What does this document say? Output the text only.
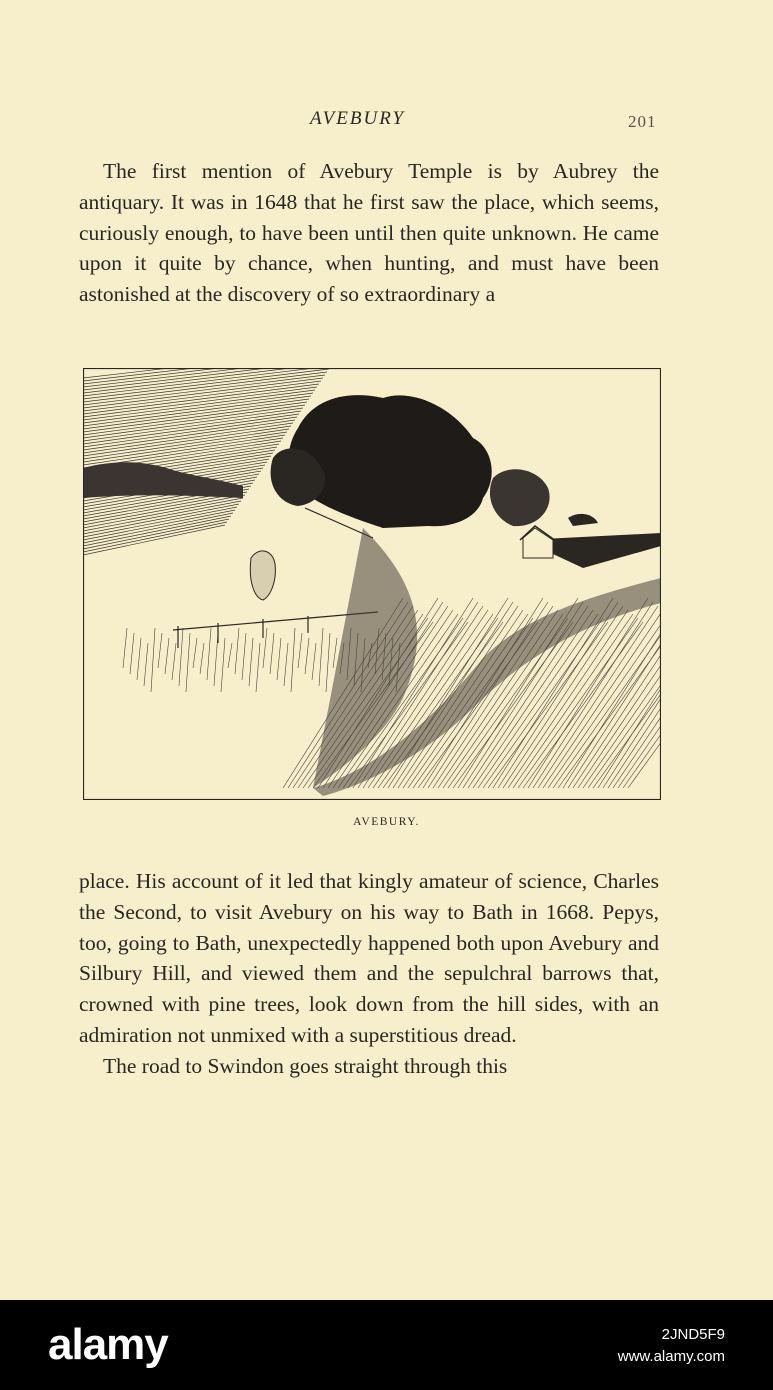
AVEBURY	201

The first mention of Avebury Temple is by Aubrey the antiquary. It was in 1648 that he first saw the place, which seems, curiously enough, to have been until then quite unknown. He came upon it quite by chance, when hunting, and must have been astonished at the discovery of so extraordinary a

AVEBURY.

place. His account of it led that kingly amateur of science, Charles the Second, to visit Avebury on his way to Bath in 1668. Pepys, too, going to Bath, unexpectedly happened both upon Avebury and Silbury Hill, and viewed them and the sepulchral barrows that, crowned with pine trees, look down from the hill sides, with an admiration not unmixed with a superstitious dread.

The road to Swindon goes straight through this

alamy	2JND5F9
www.alamy.com
